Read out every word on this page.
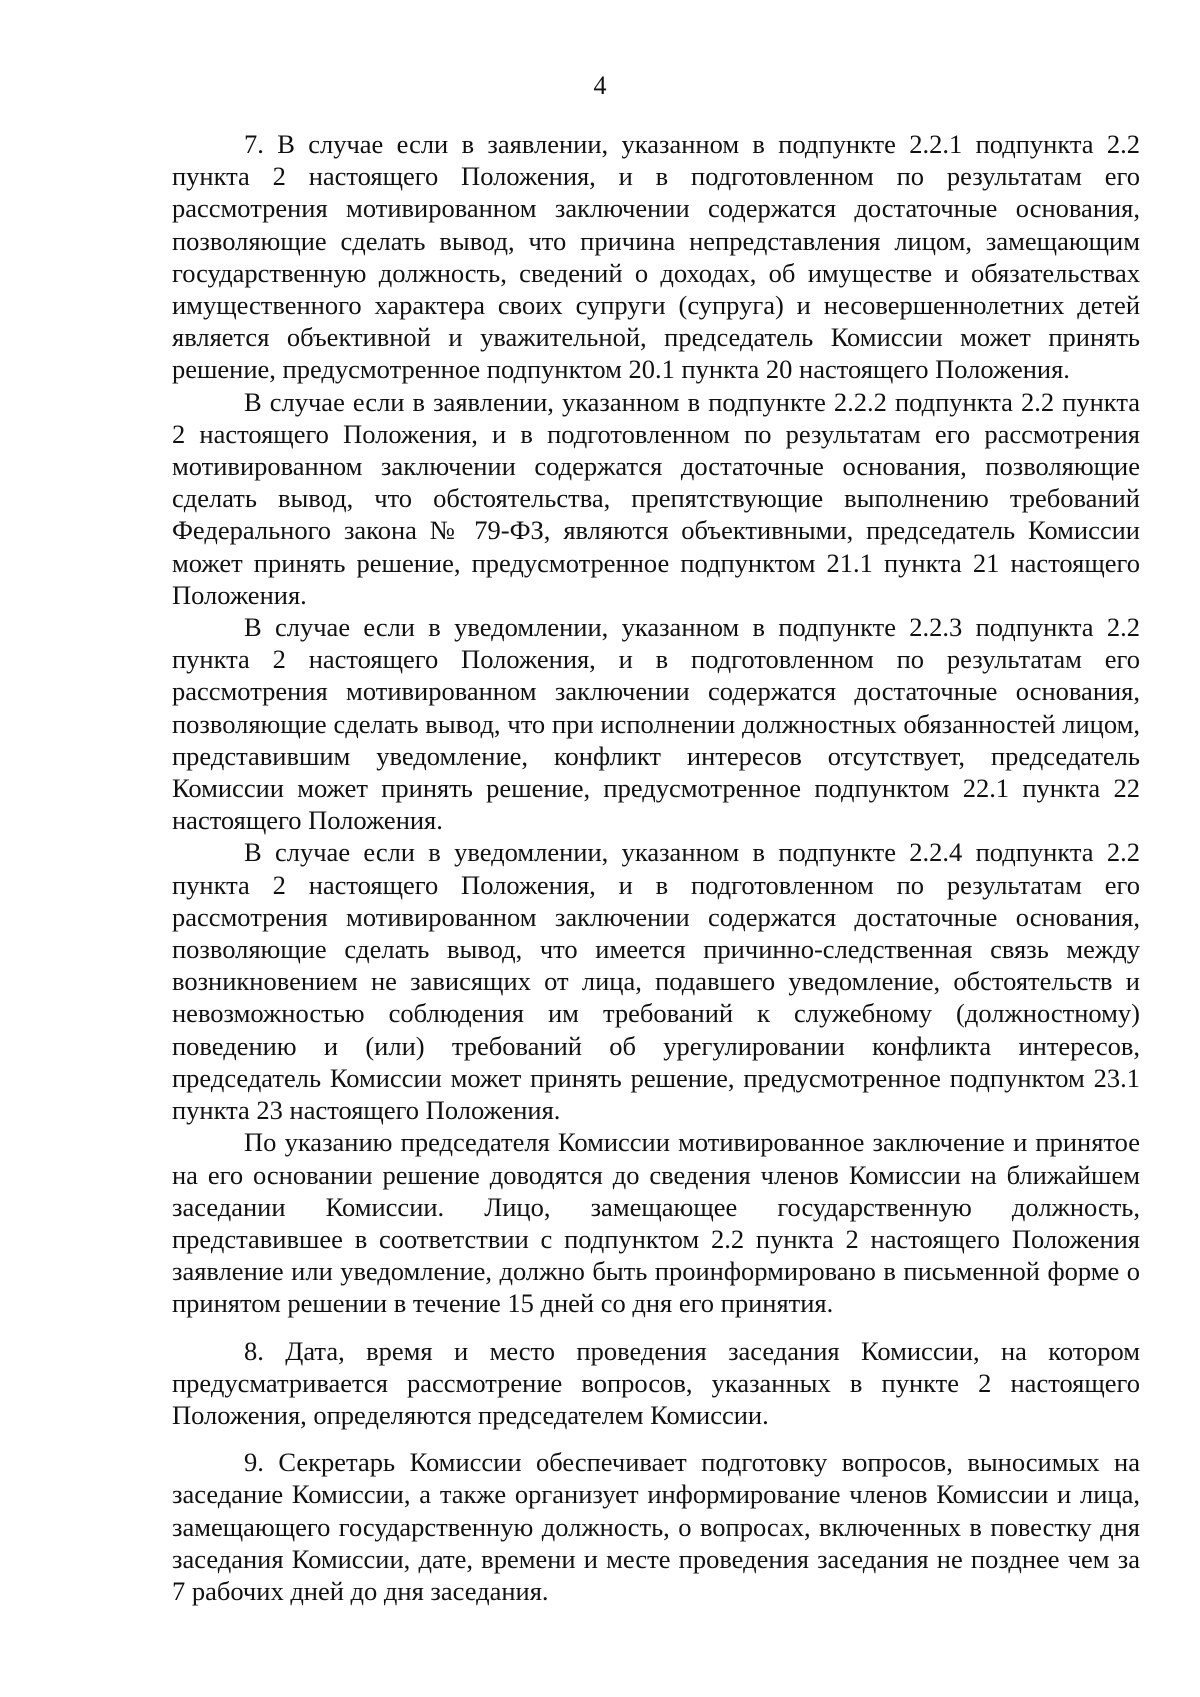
4

7. В случае если в заявлении, указанном в подпункте 2.2.1 подпункта 2.2 пункта 2 настоящего Положения, и в подготовленном по результатам его рассмотрения мотивированном заключении содержатся достаточные основания, позволяющие сделать вывод, что причина непредставления лицом, замещающим государственную должность, сведений о доходах, об имуществе и обязательствах имущественного характера своих супруги (супруга) и несовершеннолетних детей является объективной и уважительной, председатель Комиссии может принять решение, предусмотренное подпунктом 20.1 пункта 20 настоящего Положения.

В случае если в заявлении, указанном в подпункте 2.2.2 подпункта 2.2 пункта 2 настоящего Положения, и в подготовленном по результатам его рассмотрения мотивированном заключении содержатся достаточные основания, позволяющие сделать вывод, что обстоятельства, препятствующие выполнению требований Федерального закона № 79-ФЗ, являются объективными, председатель Комиссии может принять решение, предусмотренное подпунктом 21.1 пункта 21 настоящего Положения.

В случае если в уведомлении, указанном в подпункте 2.2.3 подпункта 2.2 пункта 2 настоящего Положения, и в подготовленном по результатам его рассмотрения мотивированном заключении содержатся достаточные основания, позволяющие сделать вывод, что при исполнении должностных обязанностей лицом, представившим уведомление, конфликт интересов отсутствует, председатель Комиссии может принять решение, предусмотренное подпунктом 22.1 пункта 22 настоящего Положения.

В случае если в уведомлении, указанном в подпункте 2.2.4 подпункта 2.2 пункта 2 настоящего Положения, и в подготовленном по результатам его рассмотрения мотивированном заключении содержатся достаточные основания, позволяющие сделать вывод, что имеется причинно-следственная связь между возникновением не зависящих от лица, подавшего уведомление, обстоятельств и невозможностью соблюдения им требований к служебному (должностному) поведению и (или) требований об урегулировании конфликта интересов, председатель Комиссии может принять решение, предусмотренное подпунктом 23.1 пункта 23 настоящего Положения.

По указанию председателя Комиссии мотивированное заключение и принятое на его основании решение доводятся до сведения членов Комиссии на ближайшем заседании Комиссии. Лицо, замещающее государственную должность, представившее в соответствии с подпунктом 2.2 пункта 2 настоящего Положения заявление или уведомление, должно быть проинформировано в письменной форме о принятом решении в течение 15 дней со дня его принятия.

8. Дата, время и место проведения заседания Комиссии, на котором предусматривается рассмотрение вопросов, указанных в пункте 2 настоящего Положения, определяются председателем Комиссии.

9. Секретарь Комиссии обеспечивает подготовку вопросов, выносимых на заседание Комиссии, а также организует информирование членов Комиссии и лица, замещающего государственную должность, о вопросах, включенных в повестку дня заседания Комиссии, дате, времени и месте проведения заседания не позднее чем за 7 рабочих дней до дня заседания.
